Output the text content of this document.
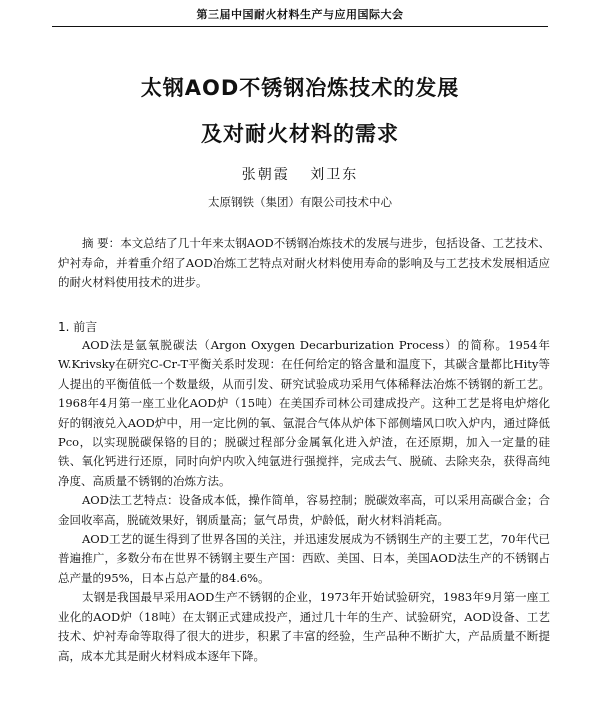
第三届中国耐火材料生产与应用国际大会
太钢AOD不锈钢冶炼技术的发展
及对耐火材料的需求
张朝霞 刘卫东
太原钢铁（集团）有限公司技术中心
摘 要：本文总结了几十年来太钢AOD不锈钢冶炼技术的发展与进步，包括设备、工艺技术、炉衬寿命，并着重介绍了AOD冶炼工艺特点对耐火材料使用寿命的影响及与工艺技术发展相适应的耐火材料使用技术的进步。
1. 前言

AOD法是氩氧脱碳法（Argon Oxygen Decarburization Process）的简称。1954年W.Krivsky在研究C-Cr-T平衡关系时发现：在任何给定的铬含量和温度下，其碳含量都比Hity等人提出的平衡值低一个数量级，从而引发、研究试验成功采用气体稀释法冶炼不锈钢的新工艺。1968年4月第一座工业化AOD炉（15吨）在美国乔司林公司建成投产。这种工艺是将电炉熔化好的钢液兑入AOD炉中，用一定比例的氧、氩混合气体从炉体下部侧墙风口吹入炉内，通过降低Pco，以实现脱碳保铬的目的；脱碳过程部分金属氧化进入炉渣，在还原期，加入一定量的硅铁、氧化钙进行还原，同时向炉内吹入纯氩进行强搅拌，完成去气、脱硫、去除夹杂，获得高纯净度、高质量不锈钢的冶炼方法。

AOD法工艺特点：设备成本低，操作简单，容易控制；脱碳效率高，可以采用高碳合金；合金回收率高，脱硫效果好，钢质量高；氩气昂贵，炉龄低，耐火材料消耗高。

AOD工艺的诞生得到了世界各国的关注，并迅速发展成为不锈钢生产的主要工艺，70年代已普遍推广，多数分布在世界不锈钢主要生产国：西欧、美国、日本，美国AOD法生产的不锈钢占总产量的95%，日本占总产量的84.6%。

太钢是我国最早采用AOD生产不锈钢的企业，1973年开始试验研究，1983年9月第一座工业化的AOD炉（18吨）在太钢正式建成投产，通过几十年的生产、试验研究，AOD设备、工艺技术、炉衬寿命等取得了很大的进步，积累了丰富的经验，生产品种不断扩大，产品质量不断提高，成本尤其是耐火材料成本逐年下降。
